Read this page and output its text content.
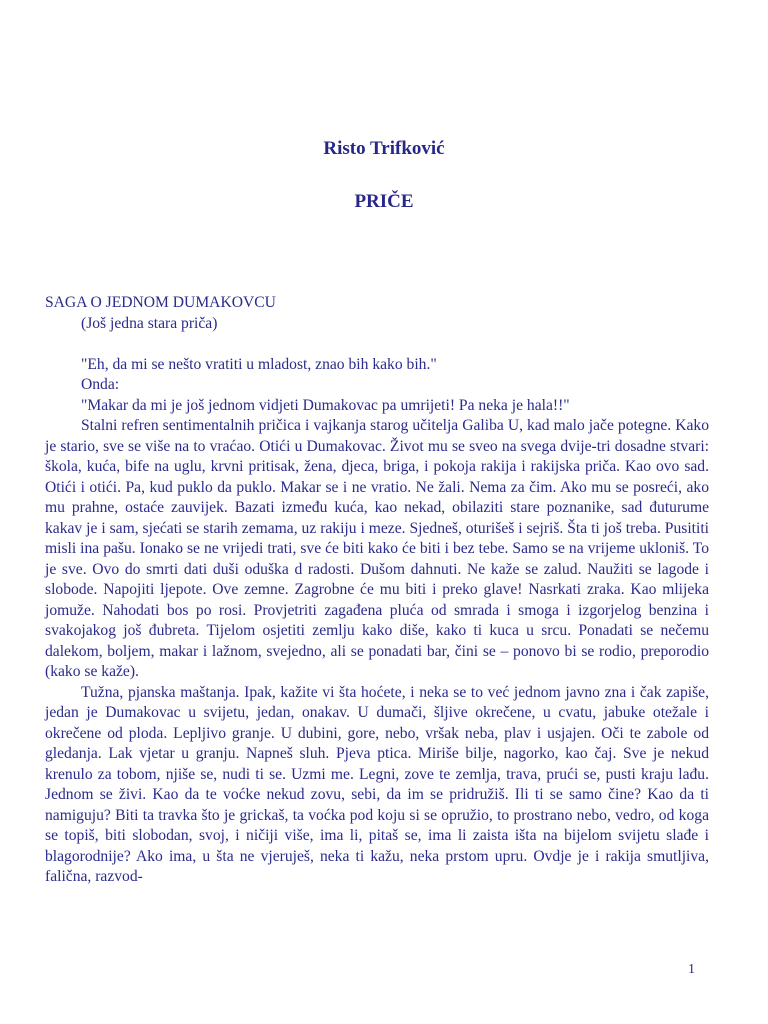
Risto Trifković
PRIČE

SAGA O JEDNOM DUMAKOVCU

(Još jedna stara priča)

"Eh, da mi se nešto vratiti u mladost, znao bih kako bih."

Onda:

"Makar da mi je još jednom vidjeti Dumakovac pa umrijeti! Pa neka je hala!!"

Stalni refren sentimentalnih pričica i vajkanja starog učitelja Galiba U, kad malo jače potegne. Kako je stario, sve se više na to vraćao. Otići u Dumakovac. Život mu se sveo na svega dvije-tri dosadne stvari: škola, kuća, bife na uglu, krvni pritisak, žena, djeca, briga, i pokoja rakija i rakijska priča. Kao ovo sad. Otići i otići. Pa, kud puklo da puklo. Makar se i ne vratio. Ne žali. Nema za čim. Ako mu se posreći, ako mu prahne, ostaće zauvijek. Bazati između kuća, kao nekad, obilaziti stare poznanike, sad đuturume kakav je i sam, sjećati se starih zemama, uz rakiju i meze. Sjedneš, oturišeš i sejriš. Šta ti još treba. Pusititi misli ina pašu. Ionako se ne vrijedi trati, sve će biti kako će biti i bez tebe. Samo se na vrijeme ukloniš. To je sve. Ovo do smrti dati duši oduška d radosti. Dušom dahnuti. Ne kaže se zalud. Naužiti se lagode i slobode. Napojiti ljepote. Ove zemne. Zagrobne će mu biti i preko glave! Nasrkati zraka. Kao mlijeka jomuže. Nahodati bos po rosi. Provjetriti zagađena pluća od smrada i smoga i izgorjelog benzina i svakojakog još đubreta. Tijelom osjetiti zemlju kako diše, kako ti kuca u srcu. Ponadati se nečemu dalekom, boljem, makar i lažnom, svejedno, ali se ponadati bar, čini se – ponovo bi se rodio, preporodio (kako se kaže).

Tužna, pjanska maštanja. Ipak, kažite vi šta hoćete, i neka se to već jednom javno zna i čak zapiše, jedan je Dumakovac u svijetu, jedan, onakav. U dumači, šljive okrečene, u cvatu, jabuke otežale i okrečene od ploda. Lepljivo granje. U dubini, gore, nebo, vršak neba, plav i usjajen. Oči te zabole od gledanja. Lak vjetar u granju. Napneš sluh. Pjeva ptica. Miriše bilje, nagorko, kao čaj. Sve je nekud krenulo za tobom, njiše se, nudi ti se. Uzmi me. Legni, zove te zemlja, trava, prući se, pusti kraju lađu. Jednom se živi. Kao da te voćke nekud zovu, sebi, da im se pridružiš. Ili ti se samo čine? Kao da ti namiguju? Biti ta travka što je grickaš, ta voćka pod koju si se opružio, to prostrano nebo, vedro, od koga se topiš, biti slobodan, svoj, i ničiji više, ima li, pitaš se, ima li zaista išta na bijelom svijetu slađe i blagorodnije? Ako ima, u šta ne vjeruješ, neka ti kažu, neka prstom upru. Ovdje je i rakija smutljiva, falična, razvod-

1
